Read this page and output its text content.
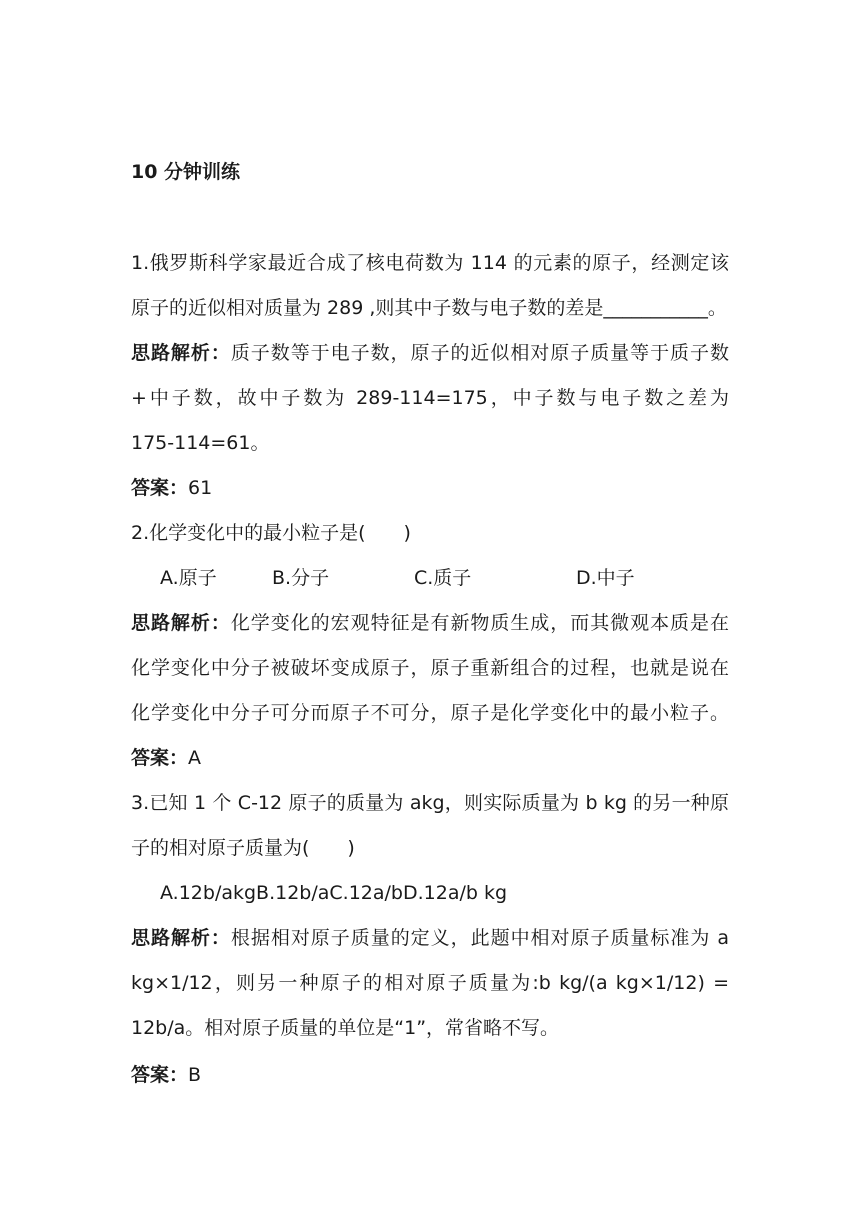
10 分钟训练
1.俄罗斯科学家最近合成了核电荷数为 114 的元素的原子，经测定该
原子的近似相对质量为 289 ,则其中子数与电子数的差是___________。
思路解析：质子数等于电子数，原子的近似相对原子质量等于质子数
+中子数，故中子数为 289-114=175，中子数与电子数之差为
175-114=61。
答案：61
2.化学变化中的最小粒子是(　　)
A.原子	B.分子	C.质子	D.中子
思路解析：化学变化的宏观特征是有新物质生成，而其微观本质是在
化学变化中分子被破坏变成原子，原子重新组合的过程，也就是说在
化学变化中分子可分而原子不可分，原子是化学变化中的最小粒子。
答案：A
3.已知 1 个 C-12 原子的质量为 akg，则实际质量为 b kg 的另一种原
子的相对原子质量为(　　)
A.12b/akgB.12b/aC.12a/bD.12a/b kg
思路解析：根据相对原子质量的定义，此题中相对原子质量标准为 a
kg×1/12，则另一种原子的相对原子质量为:b kg/(a kg×1/12) =
12b/a。相对原子质量的单位是“1”，常省略不写。
答案：B
